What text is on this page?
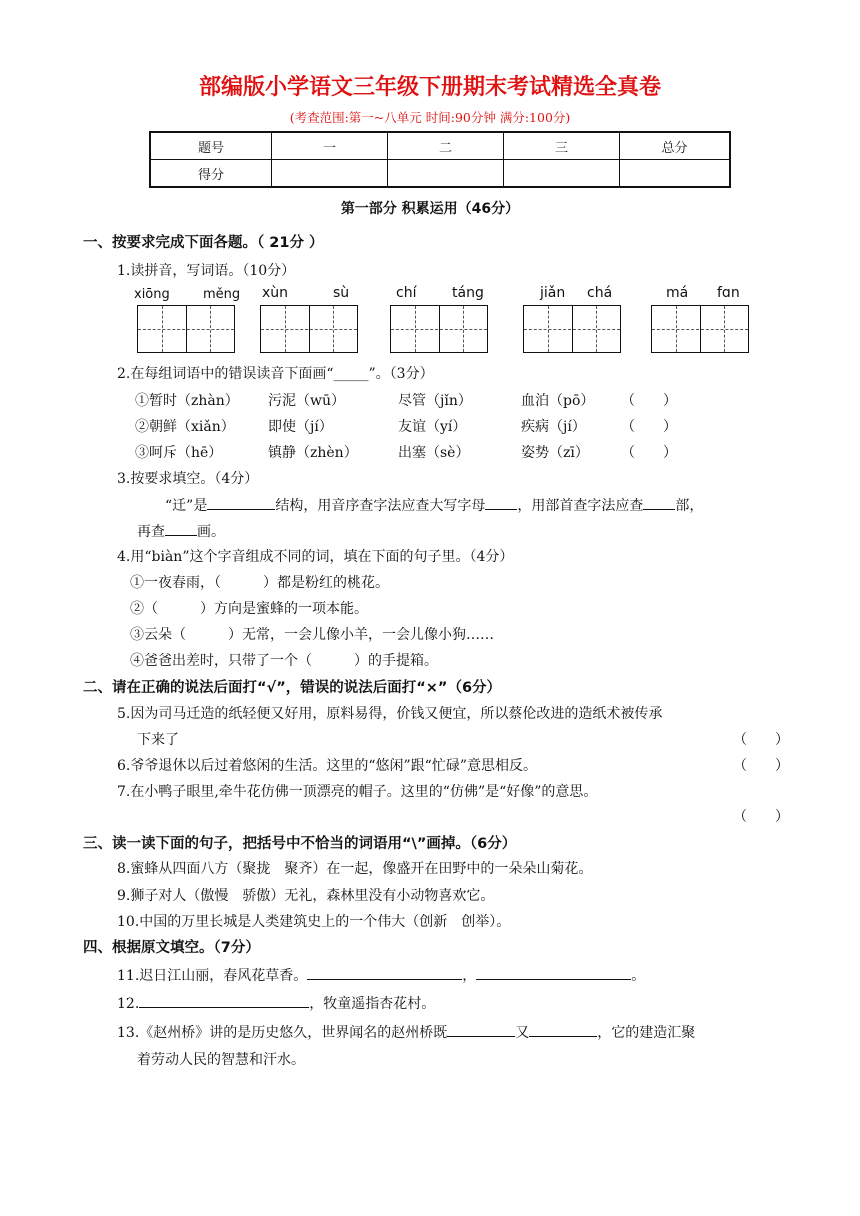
部编版小学语文三年级下册期末考试精选全真卷
(考查范围:第一~八单元 时间:90分钟 满分:100分)
题号	一	二	三	总分
得分				
第一部分 积累运用（46分）
一、按要求完成下面各题。（ 21分 ）
1.读拼音，写词语。（10分）
xiōng	měng xùn	sù	chí	táng	jiǎn chá	má fɑn
2.在每组词语中的错误读音下面画“_____”。（3分）
①暂时（zhàn） 污泥（wū）	尽管（jǐn）	血泊（pō） （　　）
②朝鲜（xiǎn） 即使（jí）	友谊（yí）	疾病（jí）	（　　）
③呵斥（hē）	镇静（zhèn）	出塞（sè）	姿势（zī） （　　）
3.按要求填空。（4分）
“迁”是	结构，用音序查字法应查大写字母 ，用部首查字法应查 部，
再查 画。
4.用“biàn”这个字音组成不同的词，填在下面的句子里。（4分）
①一夜春雨，（　　　）都是粉红的桃花。
②（　　　）方向是蜜蜂的一项本能。
③云朵（　　　）无常，一会儿像小羊，一会儿像小狗……
④爸爸出差时，只带了一个（　　　）的手提箱。
二、请在正确的说法后面打“√”，错误的说法后面打“×”（6分）
5.因为司马迁造的纸轻便又好用，原料易得，价钱又便宜，所以蔡伦改进的造纸术被传承
下来了	（　　）
6.爷爷退休以后过着悠闲的生活。这里的“悠闲”跟“忙碌”意思相反。	（　　）
7.在小鸭子眼里,牵牛花仿佛一顶漂亮的帽子。这里的“仿佛”是“好像”的意思。
（　　）
三、读一读下面的句子，把括号中不恰当的词语用“\”画掉。（6分）
8.蜜蜂从四面八方（聚拢　聚齐）在一起，像盛开在田野中的一朵朵山菊花。
9.狮子对人（傲慢　骄傲）无礼，森林里没有小动物喜欢它。
10.中国的万里长城是人类建筑史上的一个伟大（创新　创举）。
四、根据原文填空。（7分）
11.迟日江山丽，春风花草香。	，	。
12.	，牧童遥指杏花村。
13.《赵州桥》讲的是历史悠久，世界闻名的赵州桥既	又	，它的建造汇聚
着劳动人民的智慧和汗水。
